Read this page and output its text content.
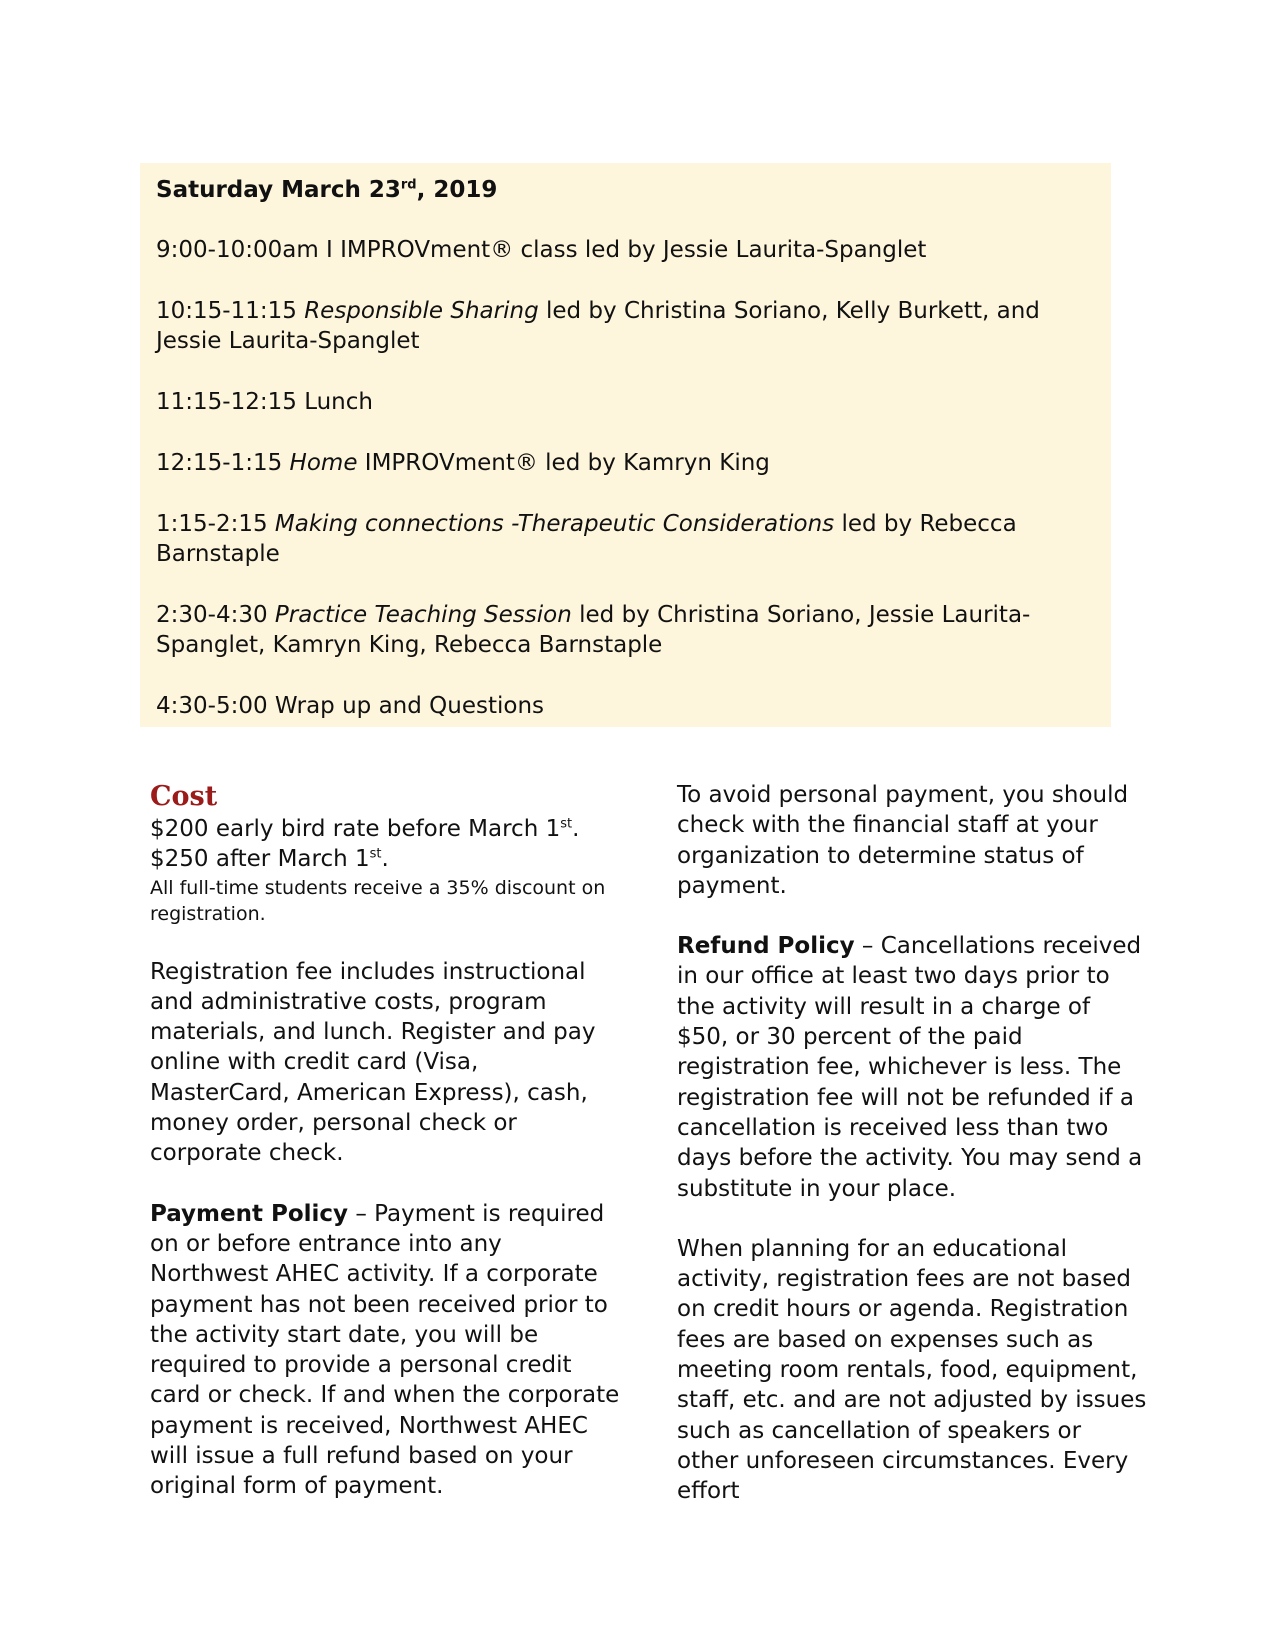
Saturday March 23rd, 2019

9:00-10:00am I IMPROVment® class led by Jessie Laurita-Spanglet

10:15-11:15 Responsible Sharing led by Christina Soriano, Kelly Burkett, and Jessie Laurita-Spanglet

11:15-12:15 Lunch

12:15-1:15 Home IMPROVment® led by Kamryn King

1:15-2:15 Making connections -Therapeutic Considerations led by Rebecca Barnstaple

2:30-4:30 Practice Teaching Session led by Christina Soriano, Jessie Laurita-Spanglet, Kamryn King, Rebecca Barnstaple

4:30-5:00 Wrap up and Questions

Cost

$200 early bird rate before March 1st.

$250 after March 1st.

All full-time students receive a 35% discount on registration.

Registration fee includes instructional and administrative costs, program materials, and lunch. Register and pay online with credit card (Visa, MasterCard, American Express), cash, money order, personal check or corporate check.

Payment Policy – Payment is required on or before entrance into any Northwest AHEC activity. If a corporate payment has not been received prior to the activity start date, you will be required to provide a personal credit card or check. If and when the corporate payment is received, Northwest AHEC will issue a full refund based on your original form of payment.

To avoid personal payment, you should check with the financial staff at your organization to determine status of payment.

Refund Policy – Cancellations received in our office at least two days prior to the activity will result in a charge of $50, or 30 percent of the paid registration fee, whichever is less. The registration fee will not be refunded if a cancellation is received less than two days before the activity. You may send a substitute in your place.

When planning for an educational activity, registration fees are not based on credit hours or agenda. Registration fees are based on expenses such as meeting room rentals, food, equipment, staff, etc. and are not adjusted by issues such as cancellation of speakers or other unforeseen circumstances. Every effort
